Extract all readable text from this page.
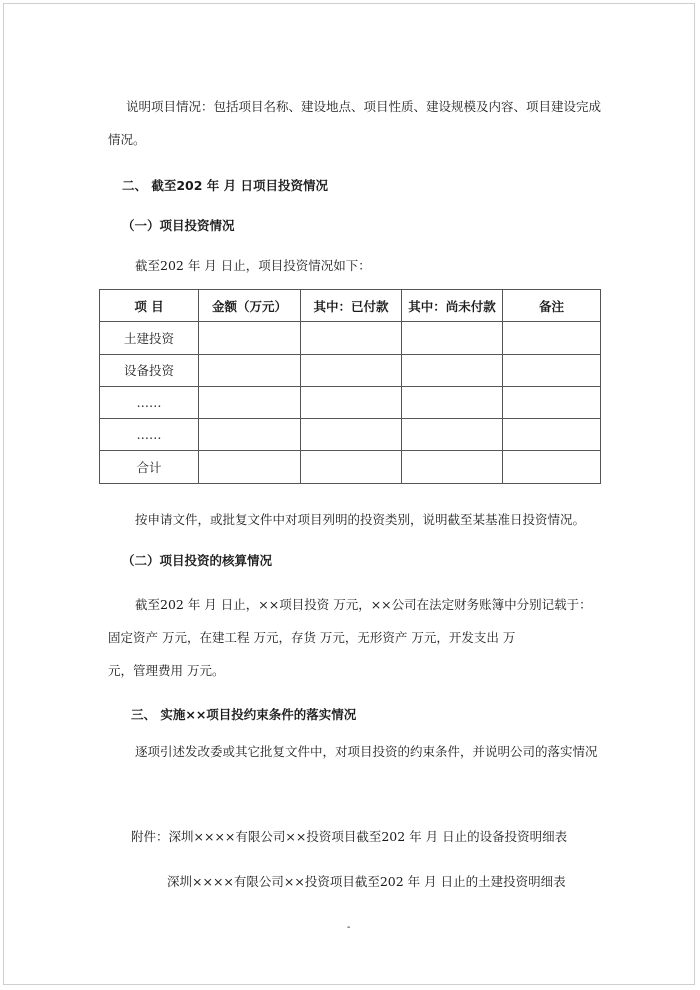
说明项目情况：包括项目名称、建设地点、项目性质、建设规模及内容、项目建设完成
情况。
二、 截至202 年 月 日项目投资情况
（一）项目投资情况
截至202 年 月 日止，项目投资情况如下：
项 目	金额（万元）	其中：已付款	其中：尚未付款	备注
土建投资				
设备投资				
……				
……				
合计				
按申请文件，或批复文件中对项目列明的投资类别，说明截至某基准日投资情况。
（二）项目投资的核算情况
截至202 年 月 日止，××项目投资 万元，××公司在法定财务账簿中分别记载于：
固定资产 万元，在建工程 万元，存货 万元，无形资产 万元，开发支出 万
元，管理费用 万元。
三、 实施××项目投约束条件的落实情况
逐项引述发改委或其它批复文件中，对项目投资的约束条件，并说明公司的落实情况
附件：深圳××××有限公司××投资项目截至202 年 月 日止的设备投资明细表
深圳××××有限公司××投资项目截至202 年 月 日止的土建投资明细表
-
